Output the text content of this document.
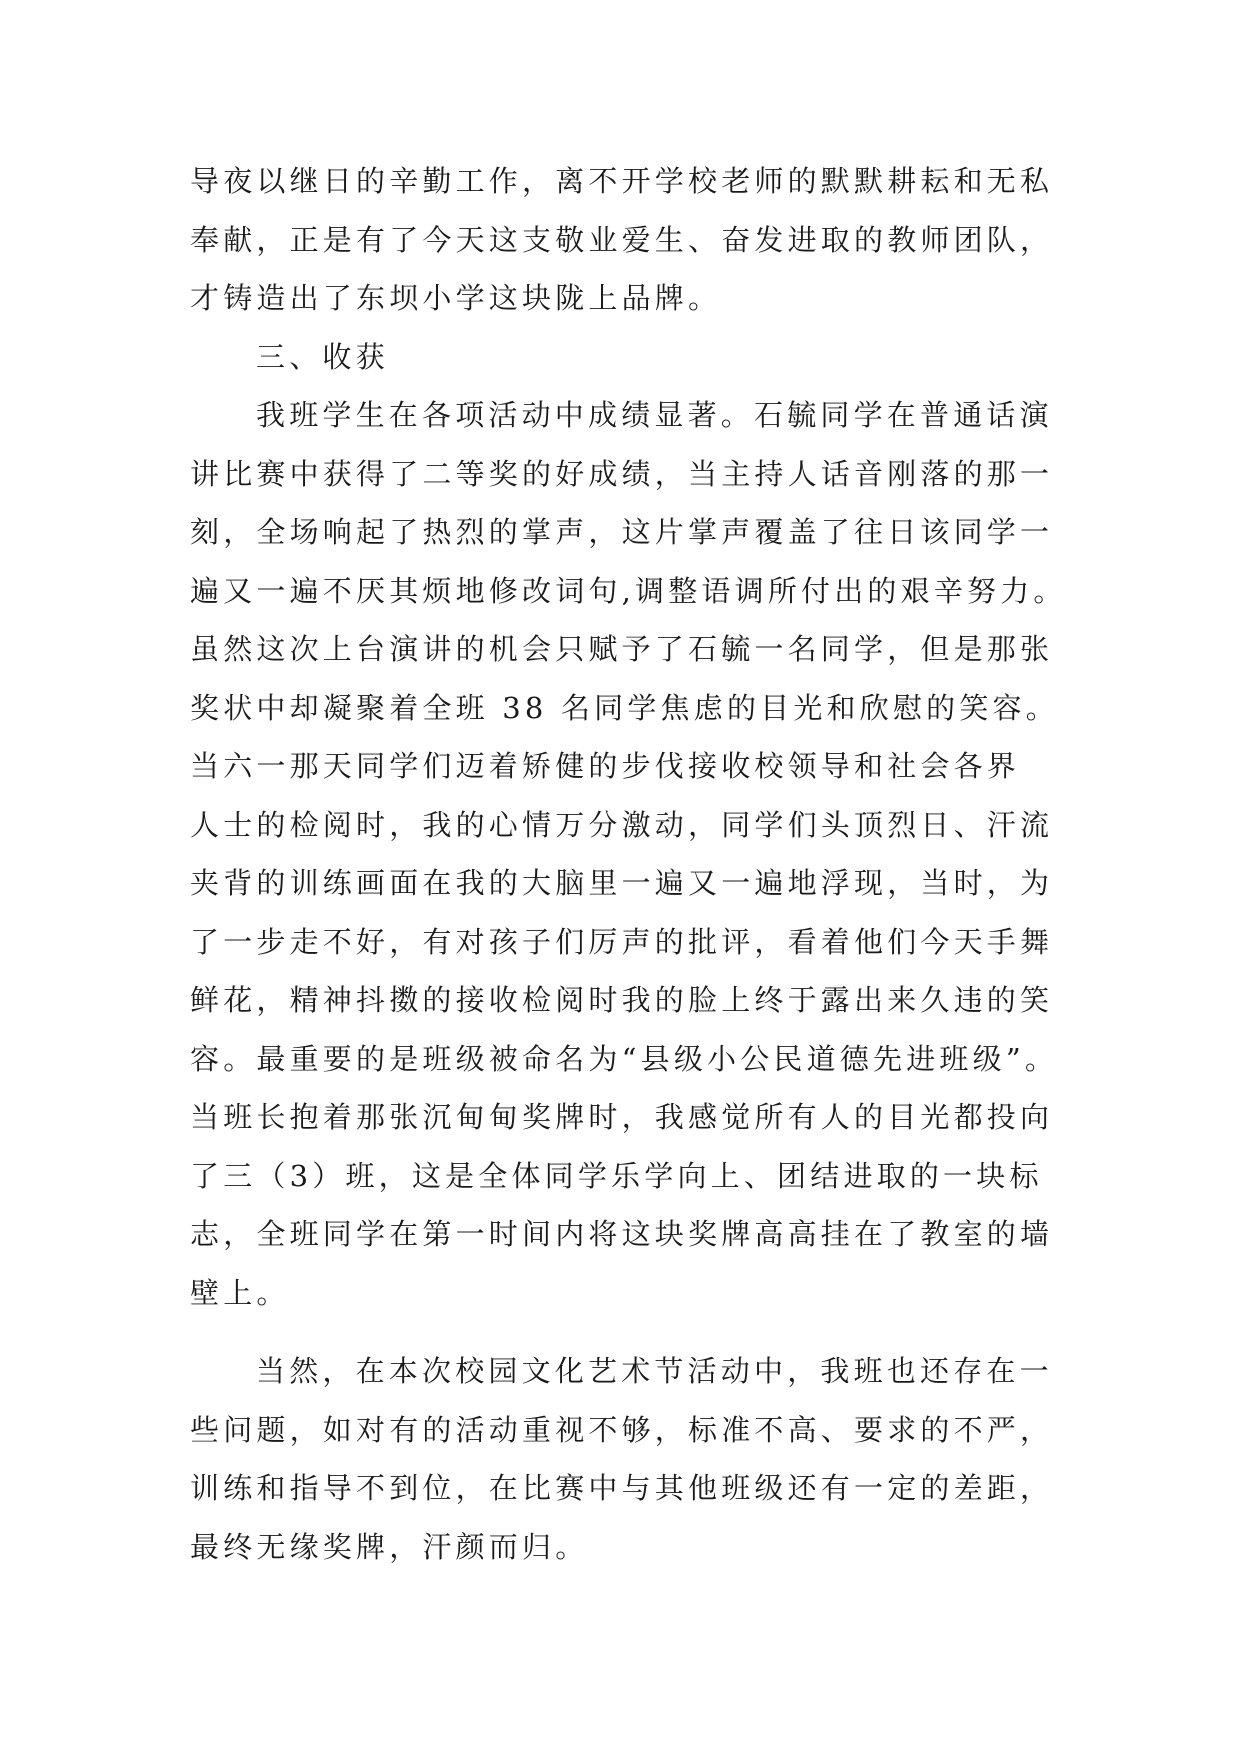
导夜以继日的辛勤工作，离不开学校老师的默默耕耘和无私
奉献，正是有了今天这支敬业爱生、奋发进取的教师团队，
才铸造出了东坝小学这块陇上品牌。
三、收获
我班学生在各项活动中成绩显著。石毓同学在普通话演
讲比赛中获得了二等奖的好成绩，当主持人话音刚落的那一
刻，全场响起了热烈的掌声，这片掌声覆盖了往日该同学一
遍又一遍不厌其烦地修改词句,调整语调所付出的艰辛努力。
虽然这次上台演讲的机会只赋予了石毓一名同学，但是那张
奖状中却凝聚着全班 38 名同学焦虑的目光和欣慰的笑容。
当六一那天同学们迈着矫健的步伐接收校领导和社会各界
人士的检阅时，我的心情万分激动，同学们头顶烈日、汗流
夹背的训练画面在我的大脑里一遍又一遍地浮现，当时，为
了一步走不好，有对孩子们厉声的批评，看着他们今天手舞
鲜花，精神抖擞的接收检阅时我的脸上终于露出来久违的笑
容。最重要的是班级被命名为“县级小公民道德先进班级”。
当班长抱着那张沉甸甸奖牌时，我感觉所有人的目光都投向
了三（3）班，这是全体同学乐学向上、团结进取的一块标
志，全班同学在第一时间内将这块奖牌高高挂在了教室的墙
壁上。
当然，在本次校园文化艺术节活动中，我班也还存在一
些问题，如对有的活动重视不够，标准不高、要求的不严，
训练和指导不到位，在比赛中与其他班级还有一定的差距，
最终无缘奖牌，汗颜而归。
